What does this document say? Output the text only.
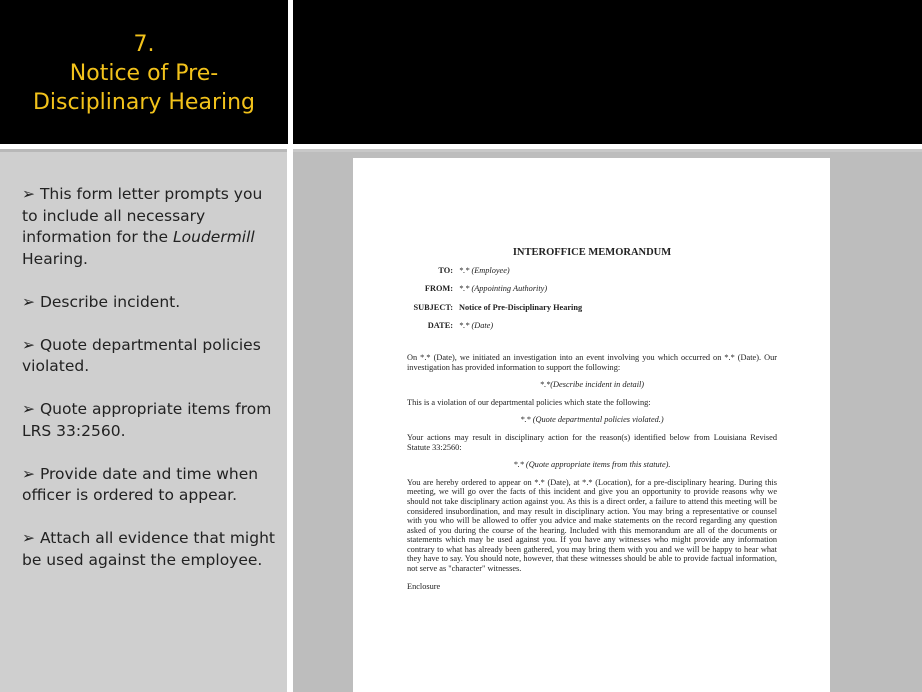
7.
Notice of Pre-
Disciplinary Hearing

➢ This form letter prompts you to include all necessary information for the Loudermill Hearing.

➢ Describe incident.

➢ Quote departmental policies violated.

➢ Quote appropriate items from LRS 33:2560.

➢ Provide date and time when officer is ordered to appear.

➢ Attach all evidence that might be used against the employee.

INTEROFFICE MEMORANDUM
TO: *.* (Employee)
FROM: *.* (Appointing Authority)
SUBJECT: Notice of Pre-Disciplinary Hearing
DATE: *.* (Date)
On *.* (Date), we initiated an investigation into an event involving you which occurred on *.* (Date). Our investigation has provided information to support the following:
*.*(Describe incident in detail)
This is a violation of our departmental policies which state the following:
*.* (Quote departmental policies violated.)
Your actions may result in disciplinary action for the reason(s) identified below from Louisiana Revised Statute 33:2560:
*.* (Quote appropriate items from this statute).
You are hereby ordered to appear on *.* (Date), at *.* (Location), for a pre-disciplinary hearing. During this meeting, we will go over the facts of this incident and give you an opportunity to provide reasons why we should not take disciplinary action against you. As this is a direct order, a failure to attend this meeting will be considered insubordination, and may result in disciplinary action. You may bring a representative or counsel with you who will be allowed to offer you advice and make statements on the record regarding any question asked of you during the course of the hearing. Included with this memorandum are all of the documents or statements which may be used against you. If you have any witnesses who might provide any information contrary to what has already been gathered, you may bring them with you and we will be happy to hear what they have to say. You should note, however, that these witnesses should be able to provide factual information, not serve as "character" witnesses.
Enclosure
